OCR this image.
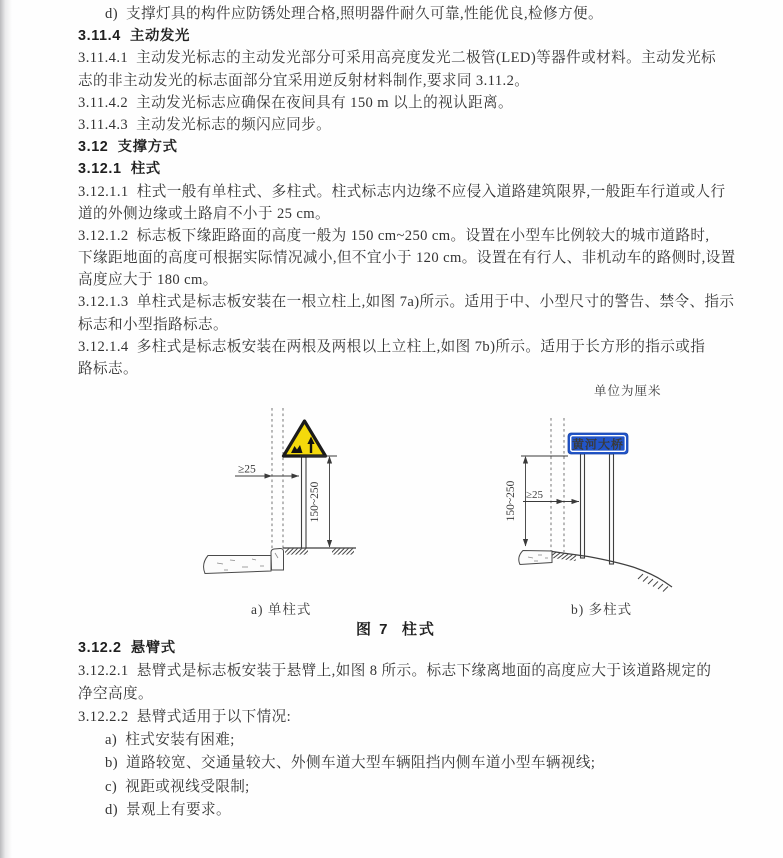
d)  支撑灯具的构件应防锈处理合格,照明器件耐久可靠,性能优良,检修方便。
3.11.4  主动发光
3.11.4.1  主动发光标志的主动发光部分可采用高亮度发光二极管(LED)等器件或材料。主动发光标
志的非主动发光的标志面部分宜采用逆反射材料制作,要求同 3.11.2。
3.11.4.2  主动发光标志应确保在夜间具有 150 m 以上的视认距离。
3.11.4.3  主动发光标志的频闪应同步。
3.12  支撑方式
3.12.1  柱式
3.12.1.1  柱式一般有单柱式、多柱式。柱式标志内边缘不应侵入道路建筑限界,一般距车行道或人行
道的外侧边缘或土路肩不小于 25 cm。
3.12.1.2  标志板下缘距路面的高度一般为 150 cm~250 cm。设置在小型车比例较大的城市道路时,
下缘距地面的高度可根据实际情况减小,但不宜小于 120 cm。设置在有行人、非机动车的路侧时,设置
高度应大于 180 cm。
3.12.1.3  单柱式是标志板安装在一根立柱上,如图 7a)所示。适用于中、小型尺寸的警告、禁令、指示
标志和小型指路标志。
3.12.1.4  多柱式是标志板安装在两根及两根以上立柱上,如图 7b)所示。适用于长方形的指示或指
路标志。
单位为厘米
≥25
150~250
黄河大桥
≥25
150~250
a) 单柱式	b) 多柱式
图 7  柱式
3.12.2  悬臂式
3.12.2.1  悬臂式是标志板安装于悬臂上,如图 8 所示。标志下缘离地面的高度应大于该道路规定的
净空高度。
3.12.2.2  悬臂式适用于以下情况:
a)  柱式安装有困难;
b)  道路较宽、交通量较大、外侧车道大型车辆阻挡内侧车道小型车辆视线;
c)  视距或视线受限制;
d)  景观上有要求。
